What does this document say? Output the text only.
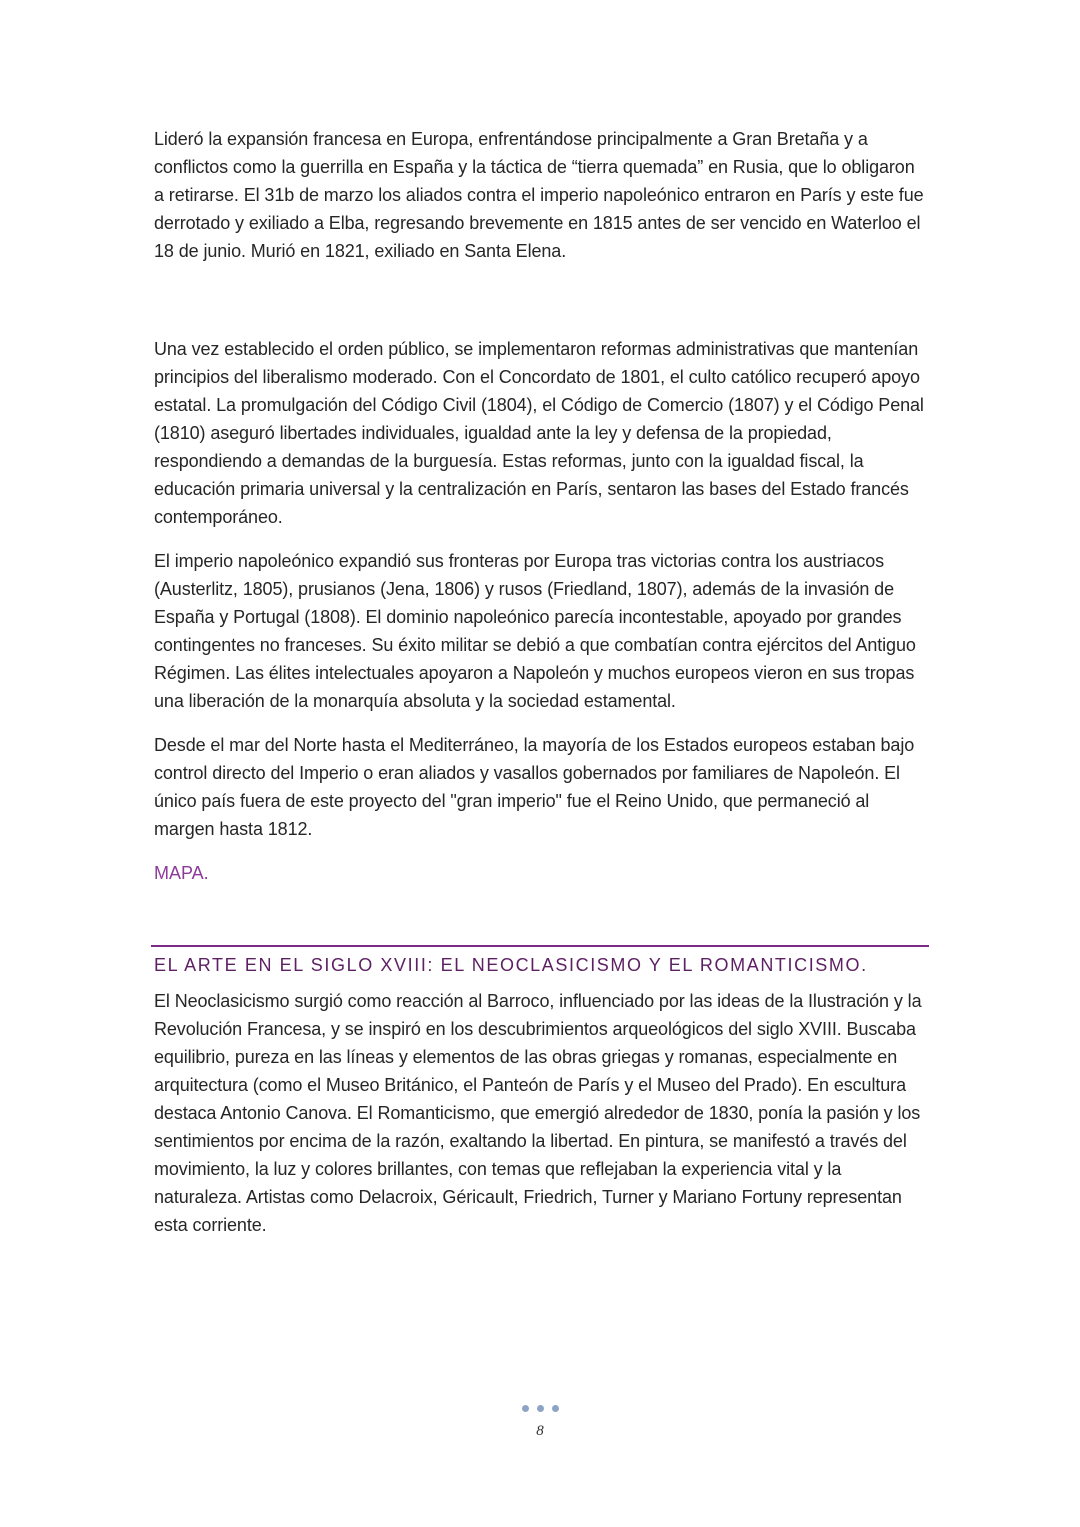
Lideró la expansión francesa en Europa, enfrentándose principalmente a Gran Bretaña y a conflictos como la guerrilla en España y la táctica de “tierra quemada” en Rusia, que lo obligaron a retirarse. El 31b de marzo los aliados contra el imperio napoleónico entraron en París y este fue derrotado y exiliado a Elba, regresando brevemente en 1815 antes de ser vencido en Waterloo el 18 de junio. Murió en 1821, exiliado en Santa Elena.

Una vez establecido el orden público, se implementaron reformas administrativas que mantenían principios del liberalismo moderado. Con el Concordato de 1801, el culto católico recuperó apoyo estatal. La promulgación del Código Civil (1804), el Código de Comercio (1807) y el Código Penal (1810) aseguró libertades individuales, igualdad ante la ley y defensa de la propiedad, respondiendo a demandas de la burguesía. Estas reformas, junto con la igualdad fiscal, la educación primaria universal y la centralización en París, sentaron las bases del Estado francés contemporáneo.

El imperio napoleónico expandió sus fronteras por Europa tras victorias contra los austriacos (Austerlitz, 1805), prusianos (Jena, 1806) y rusos (Friedland, 1807), además de la invasión de España y Portugal (1808). El dominio napoleónico parecía incontestable, apoyado por grandes contingentes no franceses. Su éxito militar se debió a que combatían contra ejércitos del Antiguo Régimen. Las élites intelectuales apoyaron a Napoleón y muchos europeos vieron en sus tropas una liberación de la monarquía absoluta y la sociedad estamental.

Desde el mar del Norte hasta el Mediterráneo, la mayoría de los Estados europeos estaban bajo control directo del Imperio o eran aliados y vasallos gobernados por familiares de Napoleón. El único país fuera de este proyecto del "gran imperio" fue el Reino Unido, que permaneció al margen hasta 1812.

MAPA.

EL ARTE EN EL SIGLO XVIII: EL NEOCLASICISMO Y EL ROMANTICISMO.

El Neoclasicismo surgió como reacción al Barroco, influenciado por las ideas de la Ilustración y la Revolución Francesa, y se inspiró en los descubrimientos arqueológicos del siglo XVIII. Buscaba equilibrio, pureza en las líneas y elementos de las obras griegas y romanas, especialmente en arquitectura (como el Museo Británico, el Panteón de París y el Museo del Prado). En escultura destaca Antonio Canova. El Romanticismo, que emergió alrededor de 1830, ponía la pasión y los sentimientos por encima de la razón, exaltando la libertad. En pintura, se manifestó a través del movimiento, la luz y colores brillantes, con temas que reflejaban la experiencia vital y la naturaleza. Artistas como Delacroix, Géricault, Friedrich, Turner y Mariano Fortuny representan esta corriente.

8
